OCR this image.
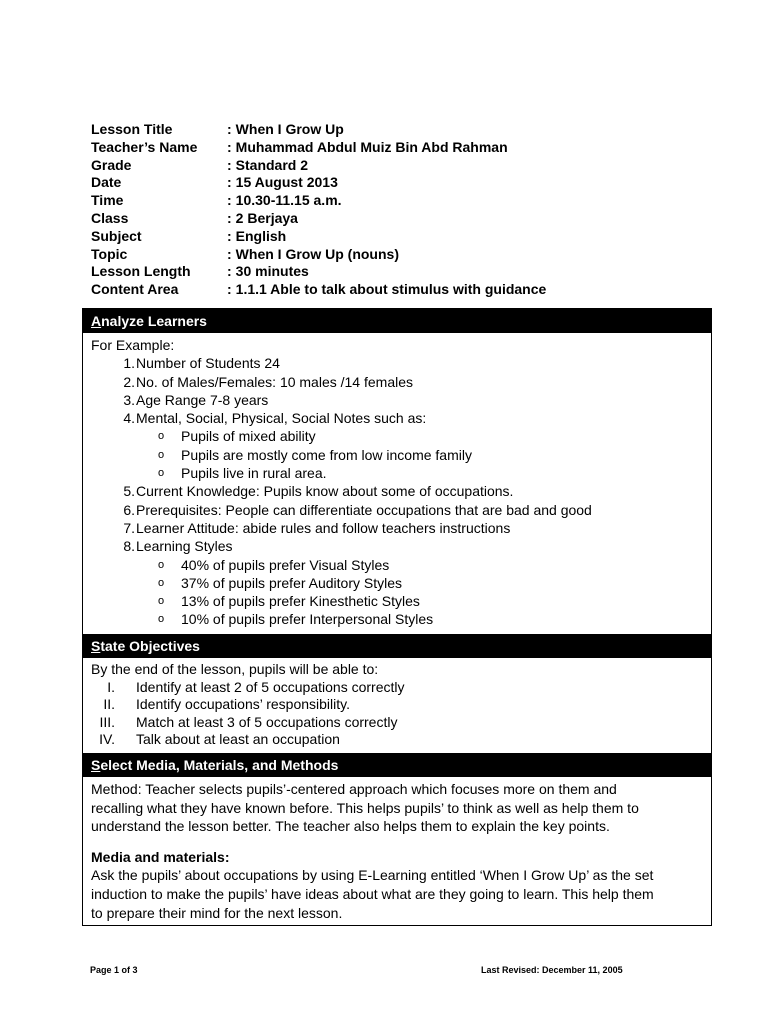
Lesson Title	: When I Grow Up
Teacher’s Name	: Muhammad Abdul Muiz Bin Abd Rahman
Grade	: Standard 2
Date	: 15 August 2013
Time	: 10.30-11.15 a.m.
Class	: 2 Berjaya
Subject	: English
Topic	: When I Grow Up (nouns)
Lesson Length	: 30 minutes
Content Area	: 1.1.1 Able to talk about stimulus with guidance
Analyze Learners
For Example:
1. Number of Students 24
2. No. of Males/Females: 10 males /14 females
3. Age Range 7-8 years
4. Mental, Social, Physical, Social Notes such as:
o Pupils of mixed ability
o Pupils are mostly come from low income family
o Pupils live in rural area.
5. Current Knowledge: Pupils know about some of occupations.
6. Prerequisites: People can differentiate occupations that are bad and good
7. Learner Attitude: abide rules and follow teachers instructions
8. Learning Styles
o 40% of pupils prefer Visual Styles
o 37% of pupils prefer Auditory Styles
o 13% of pupils prefer Kinesthetic Styles
o 10% of pupils prefer Interpersonal Styles
State Objectives
By the end of the lesson, pupils will be able to:
I. Identify at least 2 of 5 occupations correctly
II. Identify occupations’ responsibility.
III. Match at least 3 of 5 occupations correctly
IV. Talk about at least an occupation
Select Media, Materials, and Methods
Method: Teacher selects pupils’-centered approach which focuses more on them and
recalling what they have known before. This helps pupils’ to think as well as help them to
understand the lesson better. The teacher also helps them to explain the key points.
Media and materials:
Ask the pupils’ about occupations by using E-Learning entitled ‘When I Grow Up’ as the set
induction to make the pupils’ have ideas about what are they going to learn. This help them
to prepare their mind for the next lesson.
Page 1 of 3	Last Revised: December 11, 2005
